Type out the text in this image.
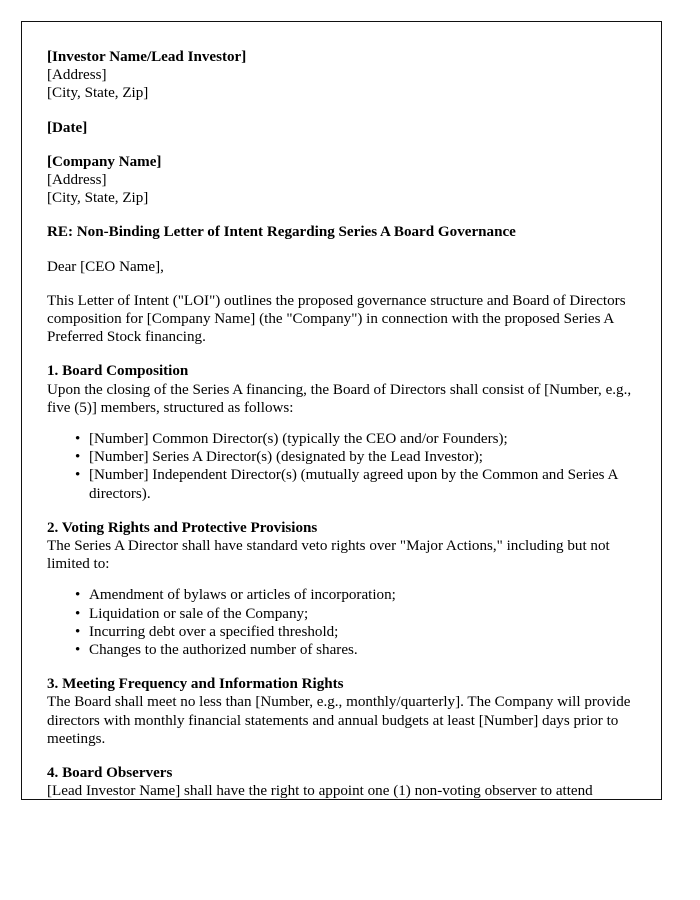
[Investor Name/Lead Investor]
[Address]
[City, State, Zip]
[Date]
[Company Name]
[Address]
[City, State, Zip]
RE: Non-Binding Letter of Intent Regarding Series A Board Governance
Dear [CEO Name],
This Letter of Intent ("LOI") outlines the proposed governance structure and Board of Directors composition for [Company Name] (the "Company") in connection with the proposed Series A Preferred Stock financing.
1. Board Composition
Upon the closing of the Series A financing, the Board of Directors shall consist of [Number, e.g., five (5)] members, structured as follows:
• [Number] Common Director(s) (typically the CEO and/or Founders);
• [Number] Series A Director(s) (designated by the Lead Investor);
• [Number] Independent Director(s) (mutually agreed upon by the Common and Series A directors).
2. Voting Rights and Protective Provisions
The Series A Director shall have standard veto rights over "Major Actions," including but not limited to:
• Amendment of bylaws or articles of incorporation;
• Liquidation or sale of the Company;
• Incurring debt over a specified threshold;
• Changes to the authorized number of shares.
3. Meeting Frequency and Information Rights
The Board shall meet no less than [Number, e.g., monthly/quarterly]. The Company will provide directors with monthly financial statements and annual budgets at least [Number] days prior to meetings.
4. Board Observers
[Lead Investor Name] shall have the right to appoint one (1) non-voting observer to attend
